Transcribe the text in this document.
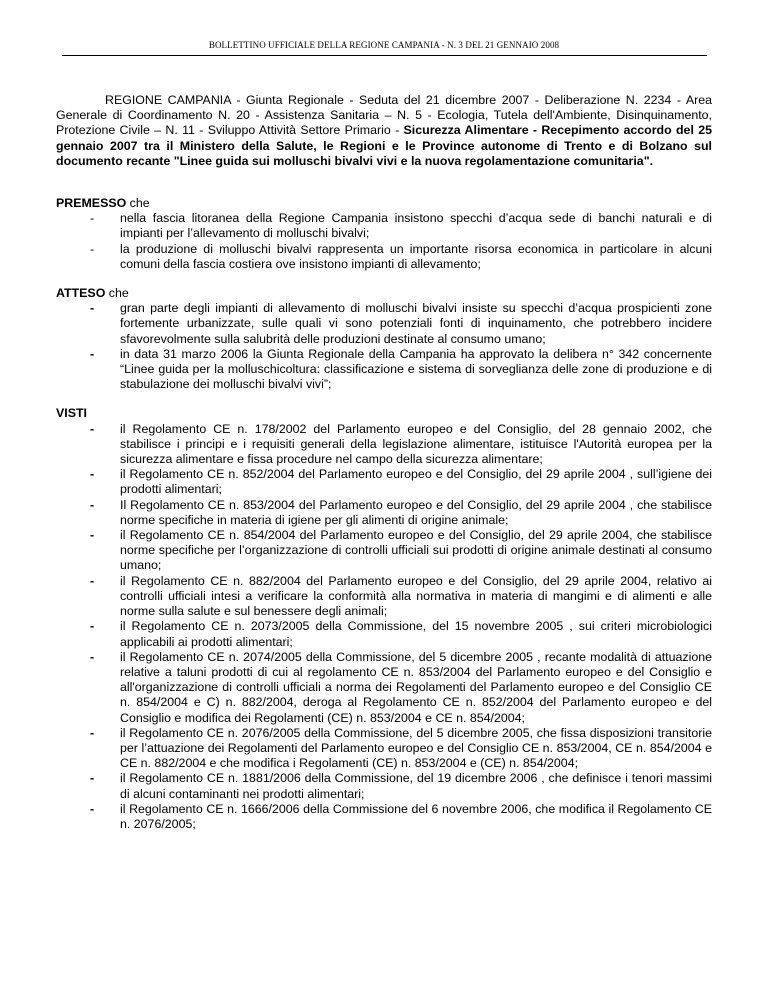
BOLLETTINO UFFICIALE DELLA REGIONE CAMPANIA - N. 3 DEL 21 GENNAIO 2008

REGIONE CAMPANIA - Giunta Regionale - Seduta del 21 dicembre 2007 - Deliberazione N. 2234 - Area Generale di Coordinamento N. 20 - Assistenza Sanitaria – N. 5 - Ecologia, Tutela dell'Ambiente, Disinquinamento, Protezione Civile – N. 11 - Sviluppo Attività Settore Primario - Sicurezza Alimentare - Recepimento accordo del 25 gennaio 2007 tra il Ministero della Salute, le Regioni e le Province autonome di Trento e di Bolzano sul documento recante "Linee guida sui molluschi bivalvi vivi e la nuova regolamentazione comunitaria".

PREMESSO che

- nella fascia litoranea della Regione Campania insistono specchi d’acqua sede di banchi naturali e di impianti per l’allevamento di molluschi bivalvi;
- la produzione di molluschi bivalvi rappresenta un importante risorsa economica in particolare in alcuni comuni della fascia costiera ove insistono impianti di allevamento;

ATTESO che

- gran parte degli impianti di allevamento di molluschi bivalvi insiste su specchi d’acqua prospicienti zone fortemente urbanizzate, sulle quali vi sono potenziali fonti di inquinamento, che potrebbero incidere sfavorevolmente sulla salubrità delle produzioni destinate al consumo umano;
- in data 31 marzo 2006 la Giunta Regionale della Campania ha approvato la delibera n° 342 concernente “Linee guida per la molluschicoltura: classificazione e sistema di sorveglianza delle zone di produzione e di stabulazione dei molluschi bivalvi vivi”;

VISTI

- il Regolamento CE n. 178/2002 del Parlamento europeo e del Consiglio, del 28 gennaio 2002, che stabilisce i principi e i requisiti generali della legislazione alimentare, istituisce l'Autorità europea per la sicurezza alimentare e fissa procedure nel campo della sicurezza alimentare;
- il Regolamento CE n. 852/2004 del Parlamento europeo e del Consiglio, del 29 aprile 2004 , sull’igiene dei prodotti alimentari;
- Il Regolamento CE n. 853/2004 del Parlamento europeo e del Consiglio, del 29 aprile 2004 , che stabilisce norme specifiche in materia di igiene per gli alimenti di origine animale;
- il Regolamento CE n. 854/2004 del Parlamento europeo e del Consiglio, del 29 aprile 2004, che stabilisce norme specifiche per l’organizzazione di controlli ufficiali sui prodotti di origine animale destinati al consumo umano;
- il Regolamento CE n. 882/2004 del Parlamento europeo e del Consiglio, del 29 aprile 2004, relativo ai controlli ufficiali intesi a verificare la conformità alla normativa in materia di mangimi e di alimenti e alle norme sulla salute e sul benessere degli animali;
- il Regolamento CE n. 2073/2005 della Commissione, del 15 novembre 2005 , sui criteri microbiologici applicabili ai prodotti alimentari;
- il Regolamento CE n. 2074/2005 della Commissione, del 5 dicembre 2005 , recante modalità di attuazione relative a taluni prodotti di cui al regolamento CE n. 853/2004 del Parlamento europeo e del Consiglio e all'organizzazione di controlli ufficiali a norma dei Regolamenti del Parlamento europeo e del Consiglio CE n. 854/2004 e C) n. 882/2004, deroga al Regolamento CE n. 852/2004 del Parlamento europeo e del Consiglio e modifica dei Regolamenti (CE) n. 853/2004 e CE n. 854/2004;
- il Regolamento CE n. 2076/2005 della Commissione, del 5 dicembre 2005, che fissa disposizioni transitorie per l’attuazione dei Regolamenti del Parlamento europeo e del Consiglio CE n. 853/2004, CE n. 854/2004 e CE n. 882/2004 e che modifica i Regolamenti (CE) n. 853/2004 e (CE) n. 854/2004;
- il Regolamento CE n. 1881/2006 della Commissione, del 19 dicembre 2006 , che definisce i tenori massimi di alcuni contaminanti nei prodotti alimentari;
- il Regolamento CE n. 1666/2006 della Commissione del 6 novembre 2006, che modifica il Regolamento CE n. 2076/2005;
